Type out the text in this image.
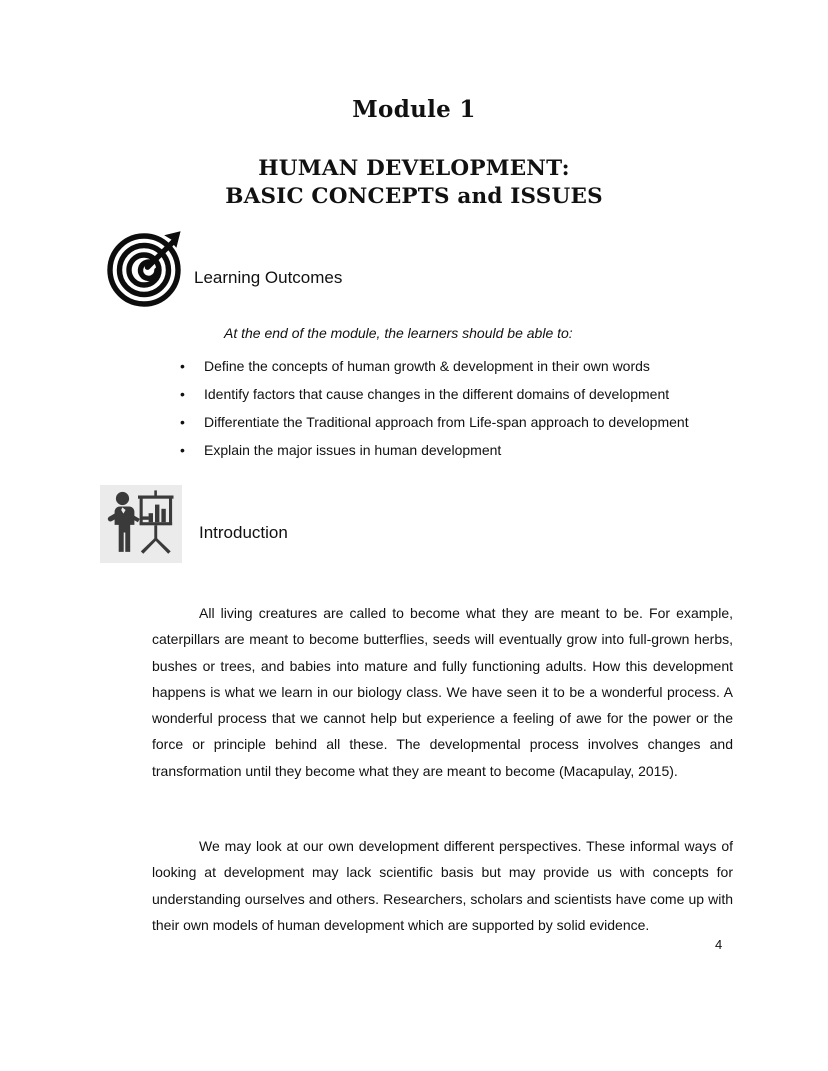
Module 1
HUMAN DEVELOPMENT:
BASIC CONCEPTS and ISSUES
Learning Outcomes
At the end of the module, the learners should be able to:
• Define the concepts of human growth & development in their own words
• Identify factors that cause changes in the different domains of development
• Differentiate the Traditional approach from Life-span approach to development
• Explain the major issues in human development
Introduction

All living creatures are called to become what they are meant to be. For example, caterpillars are meant to become butterflies, seeds will eventually grow into full-grown herbs, bushes or trees, and babies into mature and fully functioning adults. How this development happens is what we learn in our biology class. We have seen it to be a wonderful process. A wonderful process that we cannot help but experience a feeling of awe for the power or the force or principle behind all these. The developmental process involves changes and transformation until they become what they are meant to become (Macapulay, 2015).

We may look at our own development different perspectives. These informal ways of looking at development may lack scientific basis but may provide us with concepts for understanding ourselves and others. Researchers, scholars and scientists have come up with their own models of human development which are supported by solid evidence.

4
